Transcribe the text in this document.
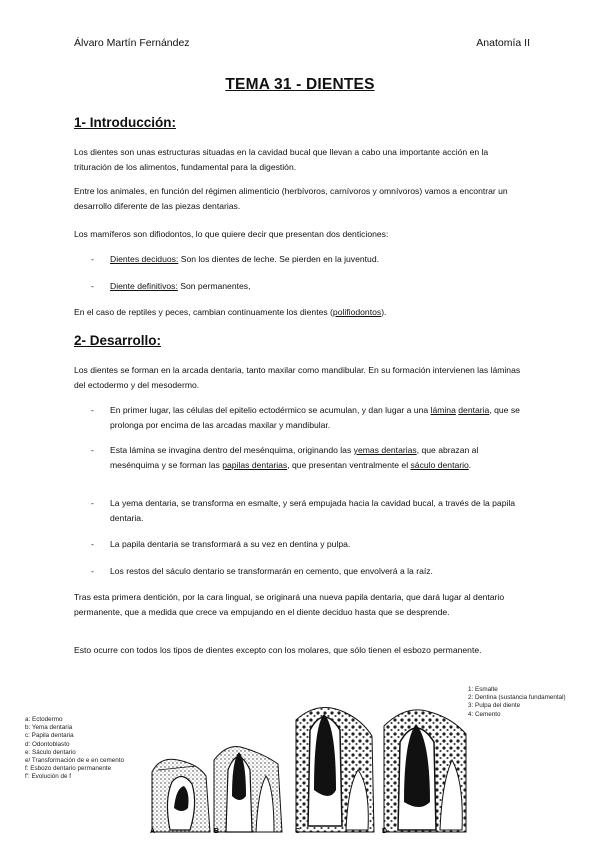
Álvaro Martín Fernández	Anatomía II
TEMA 31 - DIENTES
1- Introducción:
Los dientes son unas estructuras situadas en la cavidad bucal que llevan a cabo una importante acción en la trituración de los alimentos, fundamental para la digestión.
Entre los animales, en función del régimen alimenticio (herbívoros, carnívoros y omnívoros) vamos a encontrar un desarrollo diferente de las piezas dentarias.
Los mamíferos son difiodontos, lo que quiere decir que presentan dos denticiones:
- Dientes deciduos: Son los dientes de leche. Se pierden en la juventud.
- Diente definitivos: Son permanentes,
En el caso de reptiles y peces, cambian continuamente los dientes (polifiodontos).
2- Desarrollo:
Los dientes se forman en la arcada dentaria, tanto maxilar como mandibular. En su formación intervienen las láminas del ectodermo y del mesodermo.
- En primer lugar, las células del epitelio ectodérmico se acumulan, y dan lugar a una lámina dentaria, que se prolonga por encima de las arcadas maxilar y mandibular.
- Esta lámina se invagina dentro del mesénquima, originando las yemas dentarias, que abrazan al mesénquima y se forman las papilas dentarias, que presentan ventralmente el sáculo dentario.
- La yema dentaria, se transforma en esmalte, y será empujada hacia la cavidad bucal, a través de la papila dentaria.
- La papila dentaria se transformará a su vez en dentina y pulpa.
- Los restos del sáculo dentario se transformarán en cemento, que envolverá a la raíz.
Tras esta primera dentición, por la cara lingual, se originará una nueva papila dentaria, que dará lugar al dentario permanente, que a medida que crece va empujando en el diente deciduo hasta que se desprende.
Esto ocurre con todos los tipos de dientes excepto con los molares, que sólo tienen el esbozo permanente.
a: Ectodermo
b: Yema dentaria
c: Papila dentaria
d: Odontoblasto
e: Sáculo dentario
e/ Transformación de e en cemento
f: Esbozo dentario permanente
f': Evolución de f
1: Esmalte
2: Dentina (sustancia fundamental)
3: Pulpa del diente
4: Cemento
A	B	C	D
